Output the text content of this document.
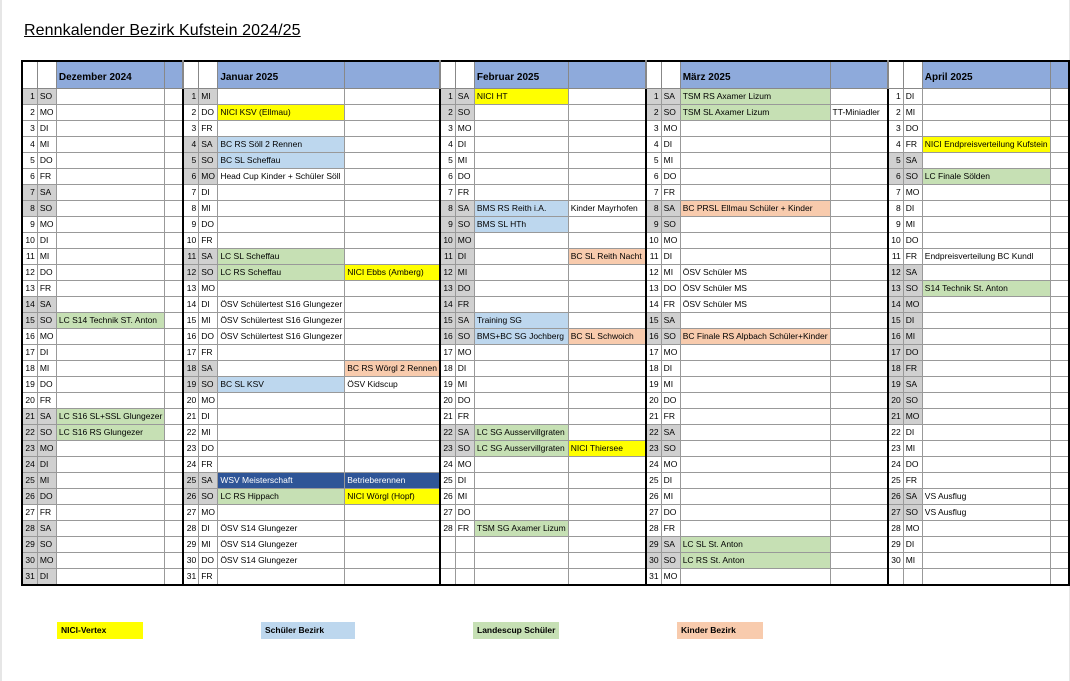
Rennkalender Bezirk Kufstein 2024/25
		Dezember 2024				Januar 2025				Februar 2025				März 2025				April 2025	
1	SO			1	MI			1	SA	NICI HT		1	SA	TSM RS Axamer Lizum		1	DI		
2	MO			2	DO	NICI KSV (Ellmau)		2	SO			2	SO	TSM SL Axamer Lizum	TT-Miniadler	2	MI		
3	DI			3	FR			3	MO			3	MO			3	DO		
4	MI			4	SA	BC RS Söll 2 Rennen		4	DI			4	DI			4	FR	NICI Endpreisverteilung Kufstein	
5	DO			5	SO	BC SL Scheffau		5	MI			5	MI			5	SA		
6	FR			6	MO	Head Cup Kinder + Schüler Söll		6	DO			6	DO			6	SO	LC Finale Sölden	
7	SA			7	DI			7	FR			7	FR			7	MO		
8	SO			8	MI			8	SA	BMS RS Reith i.A.	Kinder Mayrhofen	8	SA	BC PRSL Ellmau Schüler + Kinder		8	DI		
9	MO			9	DO			9	SO	BMS SL HTh		9	SO			9	MI		
10	DI			10	FR			10	MO			10	MO			10	DO		
11	MI			11	SA	LC SL Scheffau		11	DI		BC SL Reith Nacht	11	DI			11	FR	Endpreisverteilung BC Kundl	
12	DO			12	SO	LC RS Scheffau	NICI Ebbs (Amberg)	12	MI			12	MI	ÖSV Schüler MS		12	SA		
13	FR			13	MO			13	DO			13	DO	ÖSV Schüler MS		13	SO	S14 Technik St. Anton	
14	SA			14	DI	ÖSV Schülertest S16 Glungezer		14	FR			14	FR	ÖSV Schüler MS		14	MO		
15	SO	LC S14 Technik ST. Anton		15	MI	ÖSV Schülertest S16 Glungezer		15	SA	Training SG		15	SA			15	DI		
16	MO			16	DO	ÖSV Schülertest S16 Glungezer		16	SO	BMS+BC SG Jochberg	BC SL Schwoich	16	SO	BC Finale RS Alpbach Schüler+Kinder		16	MI		
17	DI			17	FR			17	MO			17	MO			17	DO		
18	MI			18	SA		BC RS Wörgl 2 Rennen	18	DI			18	DI			18	FR		
19	DO			19	SO	BC SL KSV	ÖSV Kidscup	19	MI			19	MI			19	SA		
20	FR			20	MO			20	DO			20	DO			20	SO		
21	SA	LC S16 SL+SSL Glungezer		21	DI			21	FR			21	FR			21	MO		
22	SO	LC S16 RS Glungezer		22	MI			22	SA	LC SG Ausservillgraten		22	SA			22	DI		
23	MO			23	DO			23	SO	LC SG Ausservillgraten	NICI Thiersee	23	SO			23	MI		
24	DI			24	FR			24	MO			24	MO			24	DO		
25	MI			25	SA	WSV Meisterschaft	Betrieberennen	25	DI			25	DI			25	FR		
26	DO			26	SO	LC RS Hippach	NICI Wörgl (Hopf)	26	MI			26	MI			26	SA	VS Ausflug	
27	FR			27	MO			27	DO			27	DO			27	SO	VS Ausflug	
28	SA			28	DI	ÖSV S14 Glungezer		28	FR	TSM SG Axamer Lizum		28	FR			28	MO		
29	SO			29	MI	ÖSV S14 Glungezer						29	SA	LC SL St. Anton		29	DI		
30	MO			30	DO	ÖSV S14 Glungezer						30	SO	LC RS St. Anton		30	MI		
31	DI			31	FR							31	MO						
NICI-Vertex	Schüler Bezirk	Landescup Schüler	Kinder Bezirk
